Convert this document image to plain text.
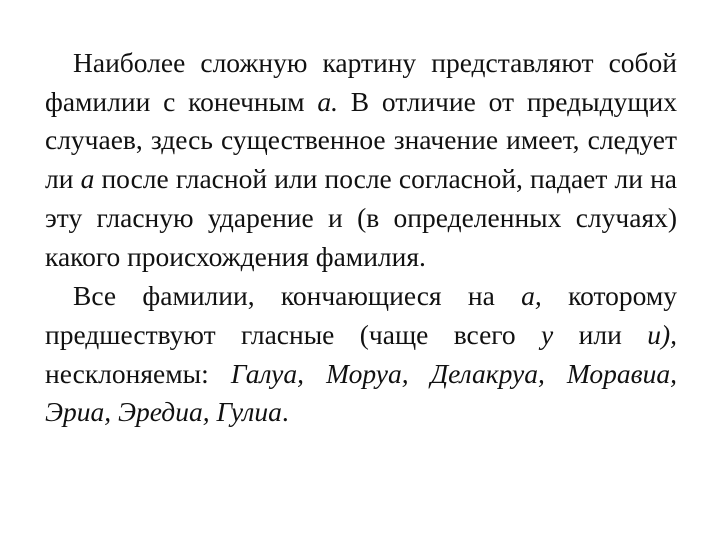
Наиболее сложную картину представляют собой фамилии с конечным а. В отличие от предыдущих случаев, здесь существенное значение имеет, следует ли а после гласной или после согласной, падает ли на эту гласную ударение и (в определенных случаях) какого происхождения фамилия.

Все фамилии, кончающиеся на а, которому предшествуют гласные (чаще всего у или и), несклоняемы: Галуа, Моруа, Делакруа, Моравиа, Эриа, Эредиа, Гулиа.
